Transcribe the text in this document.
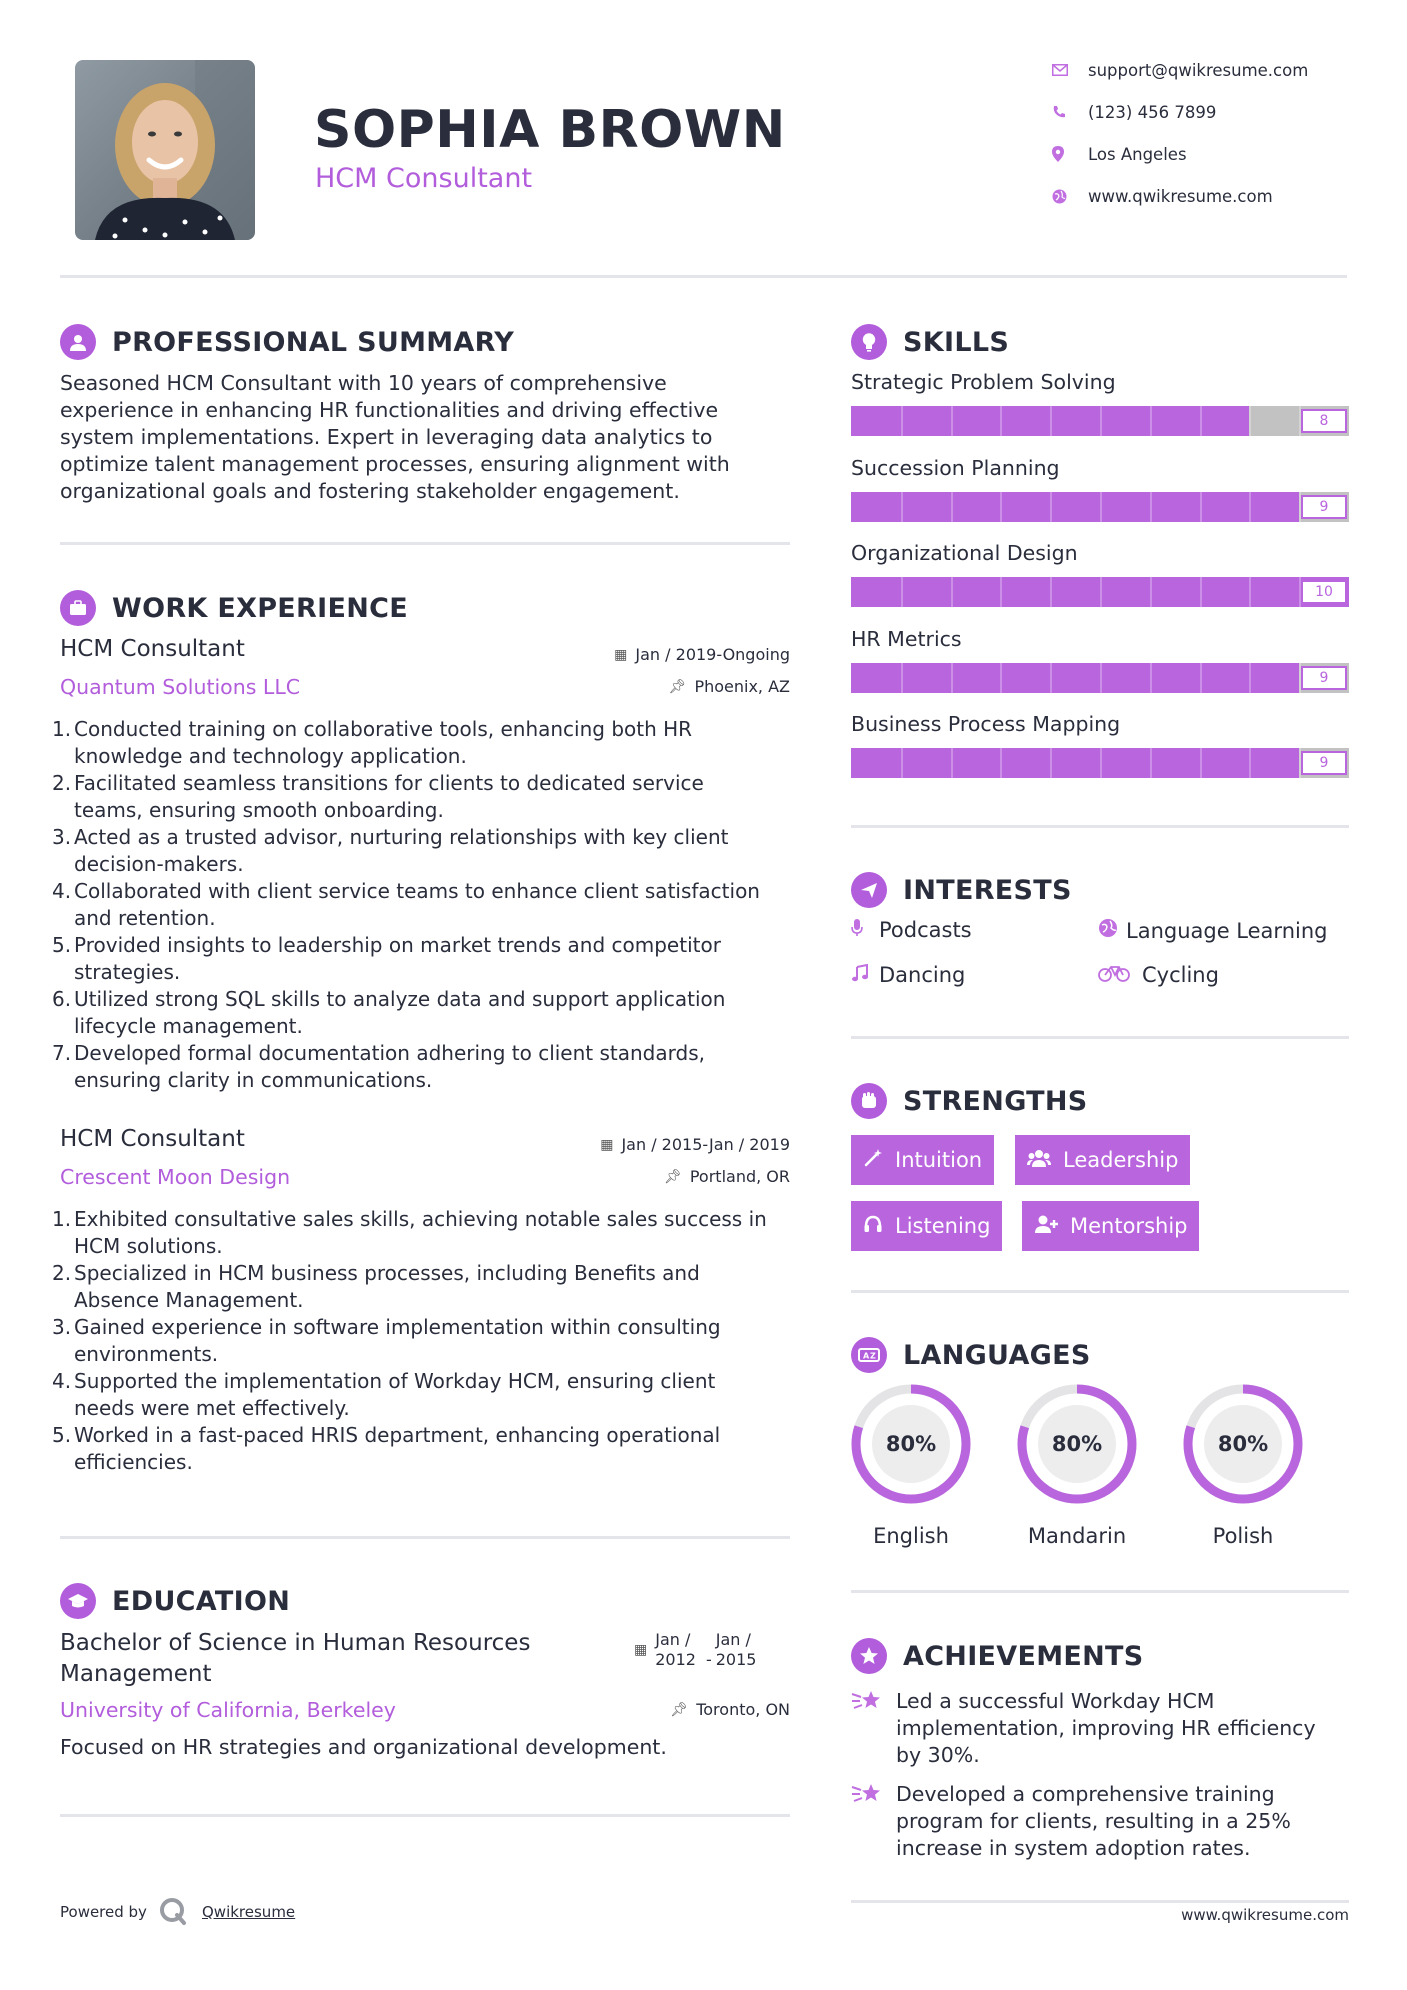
SOPHIA BROWN
HCM Consultant
support@qwikresume.com
(123) 456 7899
Los Angeles
www.qwikresume.com
PROFESSIONAL SUMMARY
Seasoned HCM Consultant with 10 years of comprehensive
experience in enhancing HR functionalities and driving effective
system implementations. Expert in leveraging data analytics to
optimize talent management processes, ensuring alignment with
organizational goals and fostering stakeholder engagement.
WORK EXPERIENCE
HCM Consultant
Quantum Solutions LLC
▦ Jan / 2019-Ongoing
📌︎ Phoenix, AZ
1. Conducted training on collaborative tools, enhancing both HR
knowledge and technology application.
2. Facilitated seamless transitions for clients to dedicated service
teams, ensuring smooth onboarding.
3. Acted as a trusted advisor, nurturing relationships with key client
decision-makers.
4. Collaborated with client service teams to enhance client satisfaction
and retention.
5. Provided insights to leadership on market trends and competitor
strategies.
6. Utilized strong SQL skills to analyze data and support application
lifecycle management.
7. Developed formal documentation adhering to client standards,
ensuring clarity in communications.
HCM Consultant
Crescent Moon Design
▦ Jan / 2015-Jan / 2019
📌︎ Portland, OR
1. Exhibited consultative sales skills, achieving notable sales success in
HCM solutions.
2. Specialized in HCM business processes, including Benefits and
Absence Management.
3. Gained experience in software implementation within consulting
environments.
4. Supported the implementation of Workday HCM, ensuring client
needs were met effectively.
5. Worked in a fast-paced HRIS department, enhancing operational
efficiencies.
EDUCATION
Bachelor of Science in Human Resources
Management
▦
Jan /
2012 -
Jan /
2015
University of California, Berkeley	📌︎ Toronto, ON
Focused on HR strategies and organizational development.
Powered by	Qwikresume
SKILLS
Strategic Problem Solving
8
Succession Planning
9
Organizational Design
10
HR Metrics
9
Business Process Mapping
9
INTERESTS
Podcasts	Language Learning
Dancing	Cycling
STRENGTHS
Intuition	Leadership
Listening	Mentorship
A Z LANGUAGES
80%
English
80%
Mandarin
80%
Polish
ACHIEVEMENTS
Led a successful Workday HCM
implementation, improving HR efficiency
by 30%.
Developed a comprehensive training
program for clients, resulting in a 25%
increase in system adoption rates.
www.qwikresume.com
